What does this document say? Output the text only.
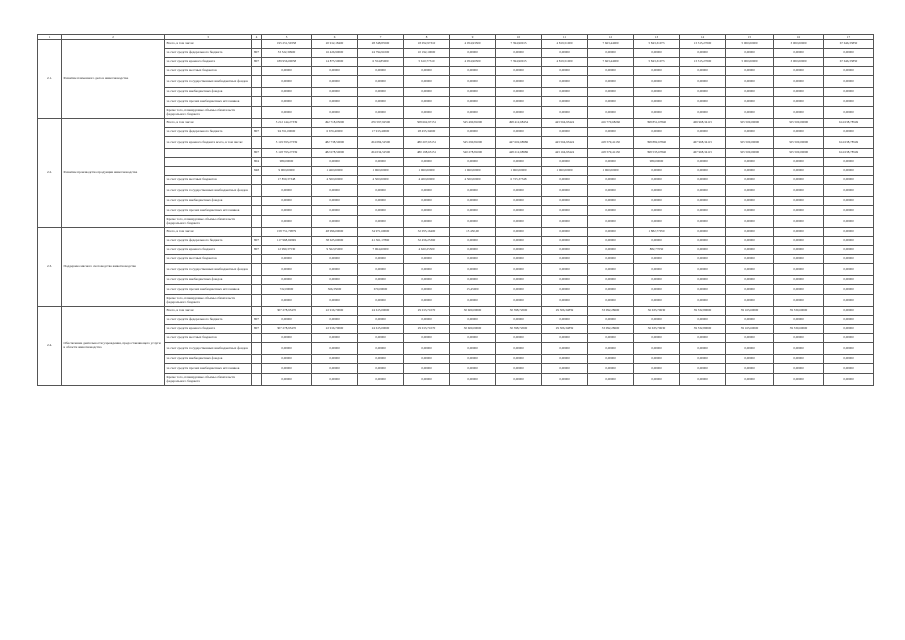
1	2	3	4	5	6	7	8	9	10	11	12	13	14	15	16	17
2.1.	Развитие племенного дела в животноводстве	Всего, в том числе:		195 251,50358	20 912,18400	28 348,83500	18 052,97310	4 054,93500	7 394,90015	4 819,51000	7 663,44000	5 843,31073	13 315,27000	5 000,00000	3 000,00000	67 646,33850
		за счет средств федерального бюджета	807	53 522,30900	16 426,90000	24 794,91000	10 192,10000	0,00000	0,00000	0,00000	0,00000	0,00000	0,00000	0,00000	0,00000	0,00000
		за счет средств краевого бюджета	807	189 956,00058	14 875,50000	6 554,85000	5 610,77310	4 054,90500	7 394,90015	4 819,51000	7 663,44000	5 843,31073	13 315,27000	5 000,00000	3 000,00000	67 646,33850
		за счет средств местных бюджетов		0,00000	0,00000	0,00000	0,00000	0,00000	0,00000	0,00000	0,00000	0,00000	0,00000	0,00000	0,00000	0,00000
		за счет средств государственных внебюджетных фондов		0,00000	0,00000	0,00000	0,00000	0,00000	0,00000	0,00000	0,00000	0,00000	0,00000	0,00000	0,00000	0,00000
		за счет средств внебюджетных фондов		0,00000	0,00000	0,00000	0,00000	0,00000	0,00000	0,00000	0,00000	0,00000	0,00000	0,00000	0,00000	0,00000
		за счет средств прочих внебюджетных источников		0,00000	0,00000	0,00000	0,00000	0,00000	0,00000	0,00000	0,00000	0,00000	0,00000	0,00000	0,00000	0,00000
		Кроме того, планируемые объемы обязательств федерального бюджета		0,00000	0,00000	0,00000	0,00000	0,00000	0,00000	0,00000	0,00000	0,00000	0,00000	0,00000	0,00000	0,00000
2.2.	Развитие производства продукции животноводства	Всего, в том числе:		5 212 144,27339	492 718,05000	476 597,92500	508 662,97151	545 490,81000	498 412,68454	443 564,93424	416 770,68260	398 851,67840	469 968,34115	325 500,00000	325 500,00000	614 638,78549
		за счет средств федерального бюджета	807	94 351,00000	6 676,40000	17 913,40000	28 455,34000	0,00000	0,00000	0,00000	0,00000	0,00000	0,00000	0,00000	0,00000	0,00000
		за счет средств краевого бюджета всего, в том числе:		5 119 593,27339	482 738,50000	454 084,52500	480 207,63151	545 290,81000	447 602,68986	443 564,93424	418 579,41130	398 882,67840	467 968,34115	325 500,00000	325 500,00000	614 638,78549
			807	5 118 793,27339	482 678,50000	454 034,52500	480 198,63151	540 278,81000	448 212,68986	443 164,93424	418 579,41130	398 535,67840	467 968,34115	325 500,00000	325 500,00000	614 638,78549
			804	980,00000	0,00000	0,00000	0,00000	0,00000	0,00000	0,00000	0,00000	980,00000	0,00000	0,00000	0,00000	0,00000
			848	9 900,00000	1 460,00000	1 960,00000	1 960,00000	1 960,00000	1 960,00000	1 960,00000	1 960,00000	0,00000	0,00000	0,00000	0,00000	0,00000
		за счет средств местных бюджетов		17 850,37348	4 500,00000	4 500,00000	4 400,00000	4 500,00000	6 725,37348	0,00000	0,00000	0,00000	0,00000	0,00000	0,00000	0,00000
		за счет средств государственных внебюджетных фондов		0,00000	0,00000	0,00000	0,00000	0,00000	0,00000	0,00000	0,00000	0,00000	0,00000	0,00000	0,00000	0,00000
		за счет средств внебюджетных фондов		0,00000	0,00000	0,00000	0,00000	0,00000	0,00000	0,00000	0,00000	0,00000	0,00000	0,00000	0,00000	0,00000
		за счет средств прочих внебюджетных источников		0,00000	0,00000	0,00000	0,00000	0,00000	0,00000	0,00000	0,00000	0,00000	0,00000	0,00000	0,00000	0,00000
		Кроме того, планируемые объемы обязательств федерального бюджета		0,00000	0,00000	0,00000	0,00000	0,00000	0,00000	0,00000	0,00000	0,00000	0,00000	0,00000	0,00000	0,00000
2.3.	Поддержка мясного скотоводства животноводства	Всего, в том числе:		158 751,70879	48 996,00000	34 971,69000	32 055,16400	15 450,00	0,00000	0,00000	0,00000	1 882,77050	0,00000	0,00000	0,00000	0,00000
		за счет средств федерального бюджета	807	117 968,92849	38 625,60000	41 361,17860	32 456,25360	0,00000	0,00000	0,00000	0,00000	0,00000	0,00000	0,00000	0,00000	0,00000
		за счет средств краевого бюджета	807	12 990,37530	9 562,05000	7 964,60000	4 620,25500	0,00000	0,00000	0,00000	0,00000	882,77050	0,00000	0,00000	0,00000	0,00000
		за счет средств местных бюджетов		0,00000	0,00000	0,00000	0,00000	0,00000	0,00000	0,00000	0,00000	0,00000	0,00000	0,00000	0,00000	0,00000
		за счет средств государственных внебюджетных фондов		0,00000	0,00000	0,00000	0,00000	0,00000	0,00000	0,00000	0,00000	0,00000	0,00000	0,00000	0,00000	0,00000
		за счет средств внебюджетных фондов		0,00000	0,00000	0,00000	0,00000	0,00000	0,00000	0,00000	0,00000	0,00000	0,00000	0,00000	0,00000	0,00000
		за счет средств прочих внебюджетных источников		722,00000	366,35000	670,00000	0,00000	15,45000	0,00000	0,00000	0,00000	0,00000	0,00000	0,00000	0,00000	0,00000
		Кроме того, планируемые объемы обязательств федерального бюджета		0,00000	0,00000	0,00000	0,00000	0,00000	0,00000	0,00000	0,00000	0,00000	0,00000	0,00000	0,00000	0,00000
2.4.	Обеспечение деятельности учреждения, предоставляющего услуги в области животноводства	Всего, в том числе:		307 278,95470	22 916,70000	24 615,00000	29 013,71070	30 600,00000	30 398,72000	29 306,34859	33 092,28600	36 633,70630	39 332,89000	39 163,60000	39 330,60000	0,00000
		за счет средств федерального бюджета	807	0,00000	0,00000	0,00000	0,00000	0,00000	0,00000	0,00000	0,00000	0,00000	0,00000	0,00000	0,00000	0,00000
		за счет средств краевого бюджета	807	307 278,95470	22 916,70000	24 615,00000	29 013,71070	30 600,00000	30 398,72000	29 306,34859	33 092,28600	36 633,70630	39 332,89000	39 163,60000	39 330,60000	0,00000
		за счет средств местных бюджетов		0,00000	0,00000	0,00000	0,00000	0,00000	0,00000	0,00000	0,00000	0,00000	0,00000	0,00000	0,00000	0,00000
		за счет средств государственных внебюджетных фондов		0,00000	0,00000	0,00000	0,00000	0,00000	0,00000	0,00000	0,00000	0,00000	0,00000	0,00000	0,00000	0,00000
		за счет средств внебюджетных фондов		0,00000	0,00000	0,00000	0,00000	0,00000	0,00000	0,00000	0,00000	0,00000	0,00000	0,00000	0,00000	0,00000
		за счет средств прочих внебюджетных источников		0,00000	0,00000	0,00000	0,00000	0,00000	0,00000	0,00000	0,00000	0,00000	0,00000	0,00000	0,00000	0,00000
		Кроме того, планируемые объемы обязательств федерального бюджета		0,00000	0,00000	0,00000	0,00000	0,00000	0,00000	0,00000	0,00000	0,00000	0,00000	0,00000	0,00000	0,00000
